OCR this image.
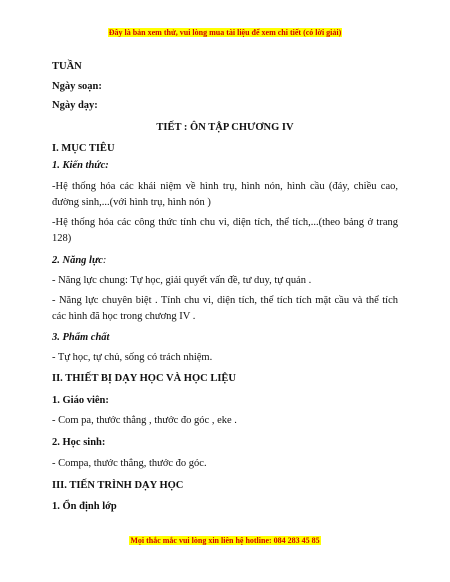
Đây là bản xem thử, vui lòng mua tài liệu để xem chi tiết (có lời giải)

TUẦN

Ngày soạn:

Ngày dạy:

TIẾT : ÔN TẬP CHƯƠNG IV

I. MỤC TIÊU

1. Kiến thức:

-Hệ thống hóa các khái niệm về hình trụ, hình nón, hình cầu (đáy, chiều cao, đường sinh,...(với hình trụ, hình nón )

-Hệ thống hóa các công thức tính chu vi, diện tích, thể tích,...(theo bảng ở trang 128)

2. Năng lực:

- Năng lực chung: Tự học, giải quyết vấn đề, tư duy, tự quản .

- Năng lực chuyên biệt . Tính chu vi, diện tích, thể tích tích mặt cầu và thể tích các hình đã học trong chương IV .

3. Phẩm chất

- Tự học, tự chủ, sống có trách nhiệm.

II. THIẾT BỊ DẠY HỌC VÀ HỌC LIỆU

1. Giáo viên:

- Com pa, thước thẳng , thước đo góc , eke .

2. Học sinh:

- Compa, thước thẳng, thước đo góc.

III. TIẾN TRÌNH DẠY HỌC

1. Ổn định lớp

Mọi thắc mắc vui lòng xin liên hệ hotline: 084 283 45 85
